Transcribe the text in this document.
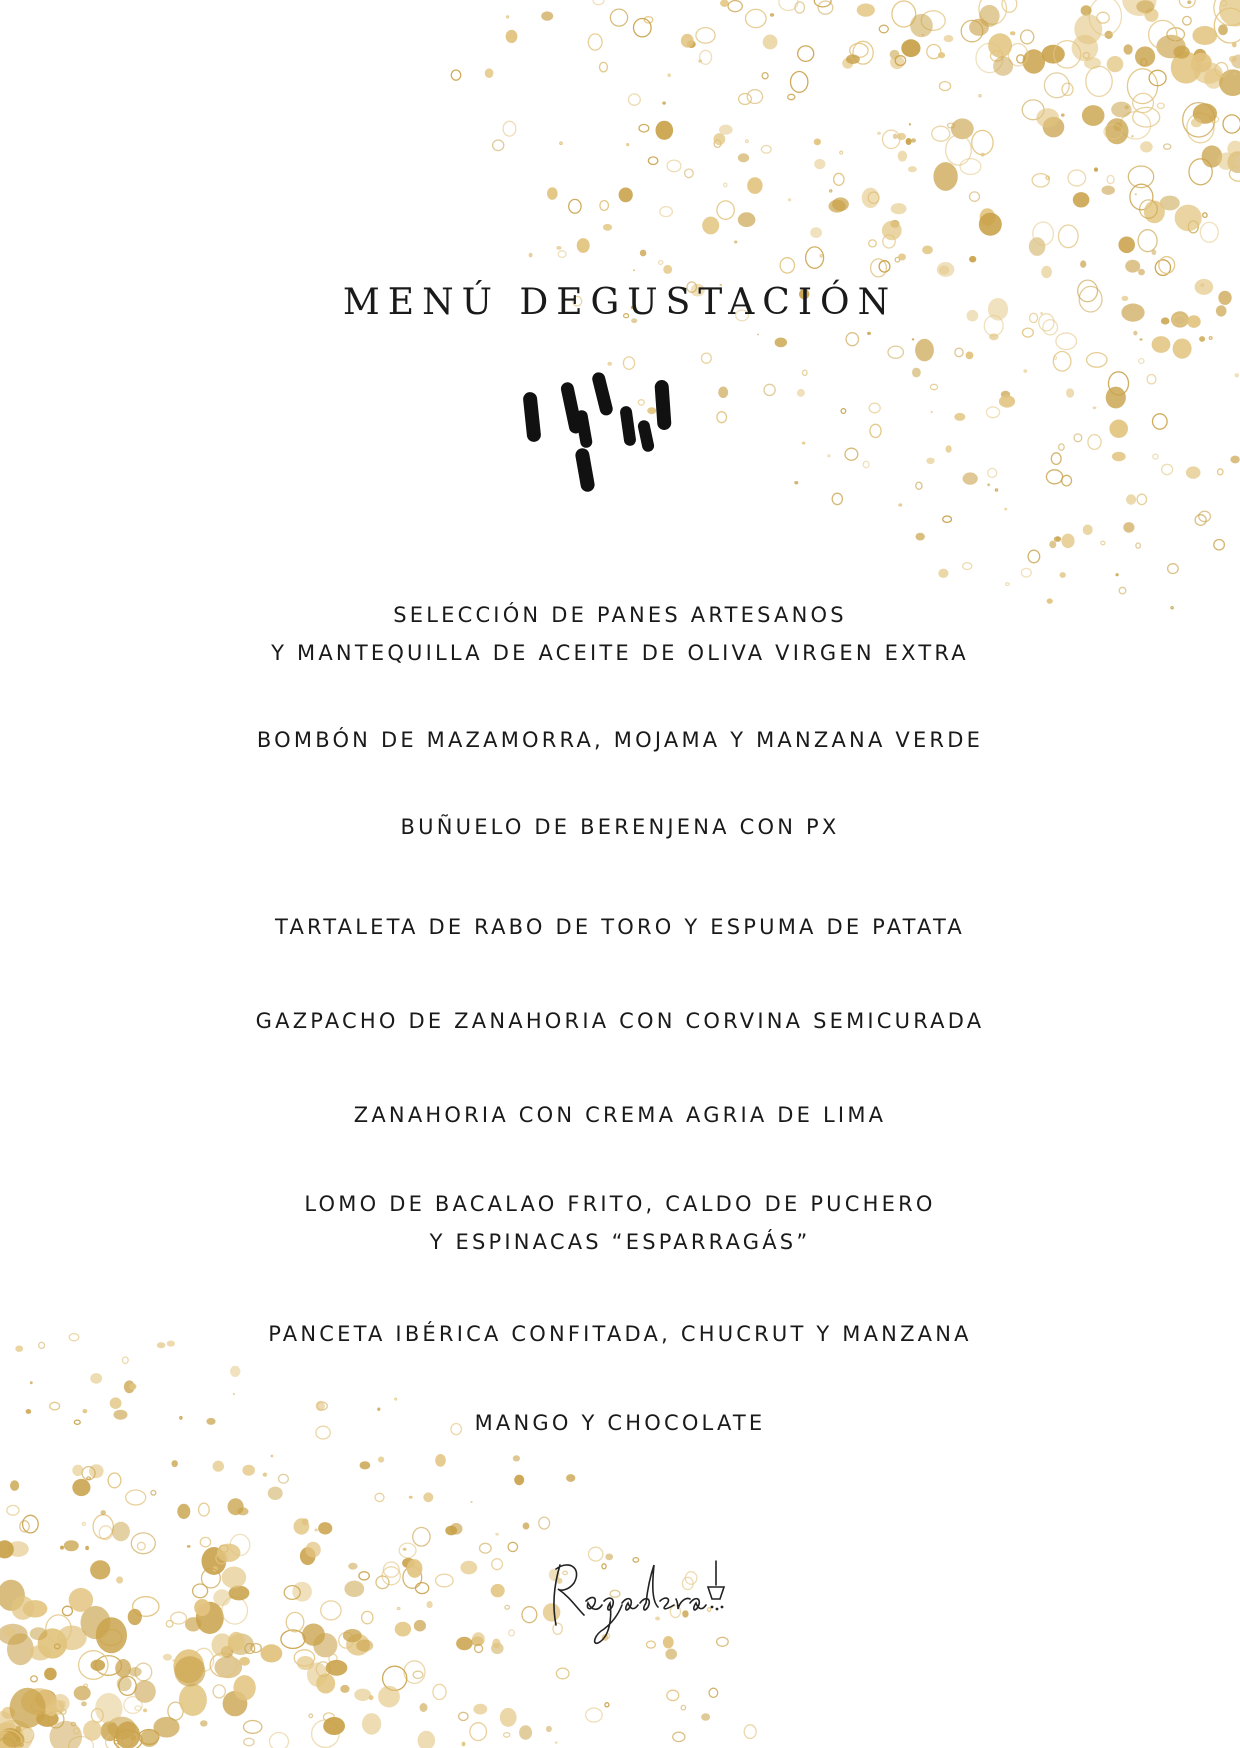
MENÚ DEGUSTACIÓN

SELECCIÓN DE PANES ARTESANOS
Y MANTEQUILLA DE ACEITE DE OLIVA VIRGEN EXTRA

BOMBÓN DE MAZAMORRA, MOJAMA Y MANZANA VERDE

BUÑUELO DE BERENJENA CON PX

TARTALETA DE RABO DE TORO Y ESPUMA DE PATATA

GAZPACHO DE ZANAHORIA CON CORVINA SEMICURADA

ZANAHORIA CON CREMA AGRIA DE LIMA

LOMO DE BACALAO FRITO, CALDO DE PUCHERO
Y ESPINACAS “ESPARRAGÁS”

PANCETA IBÉRICA CONFITADA, CHUCRUT Y MANZANA

MANGO Y CHOCOLATE
